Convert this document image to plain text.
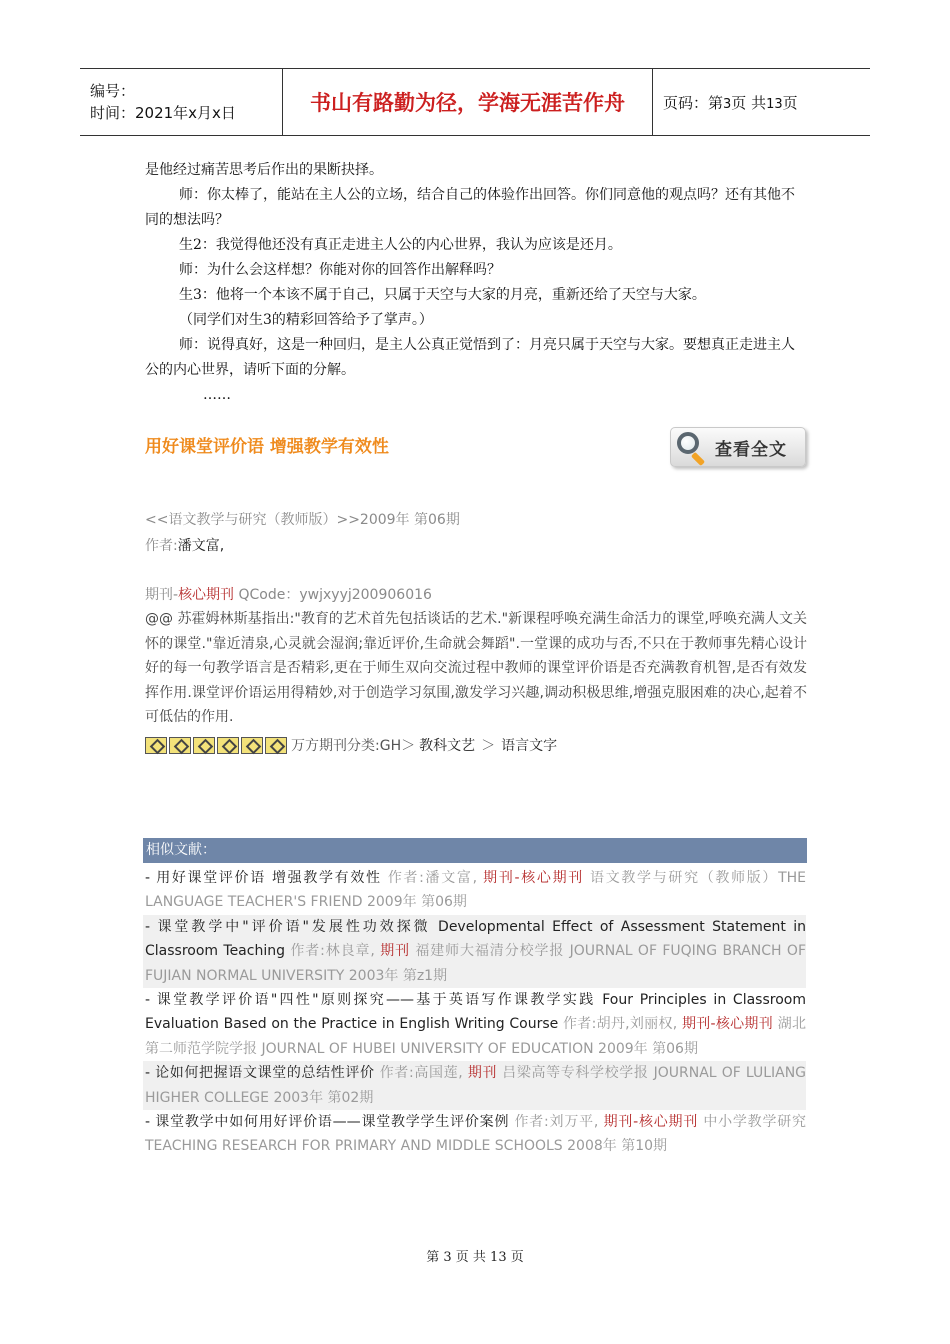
编号：
时间：2021年x月x日	书山有路勤为径，学海无涯苦作舟	页码：第3页 共13页

是他经过痛苦思考后作出的果断抉择。

师：你太棒了，能站在主人公的立场，结合自己的体验作出回答。你们同意他的观点吗？还有其他不同的想法吗？

生2：我觉得他还没有真正走进主人公的内心世界，我认为应该是还月。

师：为什么会这样想？你能对你的回答作出解释吗？

生3：他将一个本该不属于自己，只属于天空与大家的月亮，重新还给了天空与大家。

（同学们对生3的精彩回答给予了掌声。）

师：说得真好，这是一种回归，是主人公真正觉悟到了：月亮只属于天空与大家。要想真正走进主人公的内心世界，请听下面的分解。

……

用好课堂评价语 增强教学有效性	查看全文
<<语文教学与研究（教师版）>>2009年 第06期
作者:潘文富,
期刊-核心期刊 QCode：ywjxyyj200906016
@@ 苏霍姆林斯基指出:"教育的艺术首先包括谈话的艺术."新课程呼唤充满生命活力的课堂,呼唤充满人文关怀的课堂."靠近清泉,心灵就会湿润;靠近评价,生命就会舞蹈".一堂课的成功与否,不只在于教师事先精心设计好的每一句教学语言是否精彩,更在于师生双向交流过程中教师的课堂评价语是否充满教育机智,是否有效发挥作用.课堂评价语运用得精妙,对于创造学习氛围,激发学习兴趣,调动积极思维,增强克服困难的决心,起着不可低估的作用.
万方期刊分类:GH＞ 教科文艺 ＞ 语言文字
相似文献：
- 用好课堂评价语 增强教学有效性 作者:潘文富, 期刊-核心期刊 语文教学与研究（教师版）THE LANGUAGE TEACHER'S FRIEND 2009年 第06期
- 课堂教学中"评价语"发展性功效探微 Developmental Effect of Assessment Statement in Classroom Teaching 作者:林良章, 期刊 福建师大福清分校学报 JOURNAL OF FUQING BRANCH OF FUJIAN NORMAL UNIVERSITY 2003年 第z1期
- 课堂教学评价语"四性"原则探究——基于英语写作课教学实践 Four Principles in Classroom Evaluation Based on the Practice in English Writing Course 作者:胡丹,刘丽权, 期刊-核心期刊 湖北第二师范学院学报 JOURNAL OF HUBEI UNIVERSITY OF EDUCATION 2009年 第06期
- 论如何把握语文课堂的总结性评价 作者:高国莲, 期刊 吕梁高等专科学校学报 JOURNAL OF LULIANG HIGHER COLLEGE 2003年 第02期
- 课堂教学中如何用好评价语——课堂教学学生评价案例 作者:刘万平, 期刊-核心期刊 中小学教学研究 TEACHING RESEARCH FOR PRIMARY AND MIDDLE SCHOOLS 2008年 第10期
第 3 页 共 13 页
